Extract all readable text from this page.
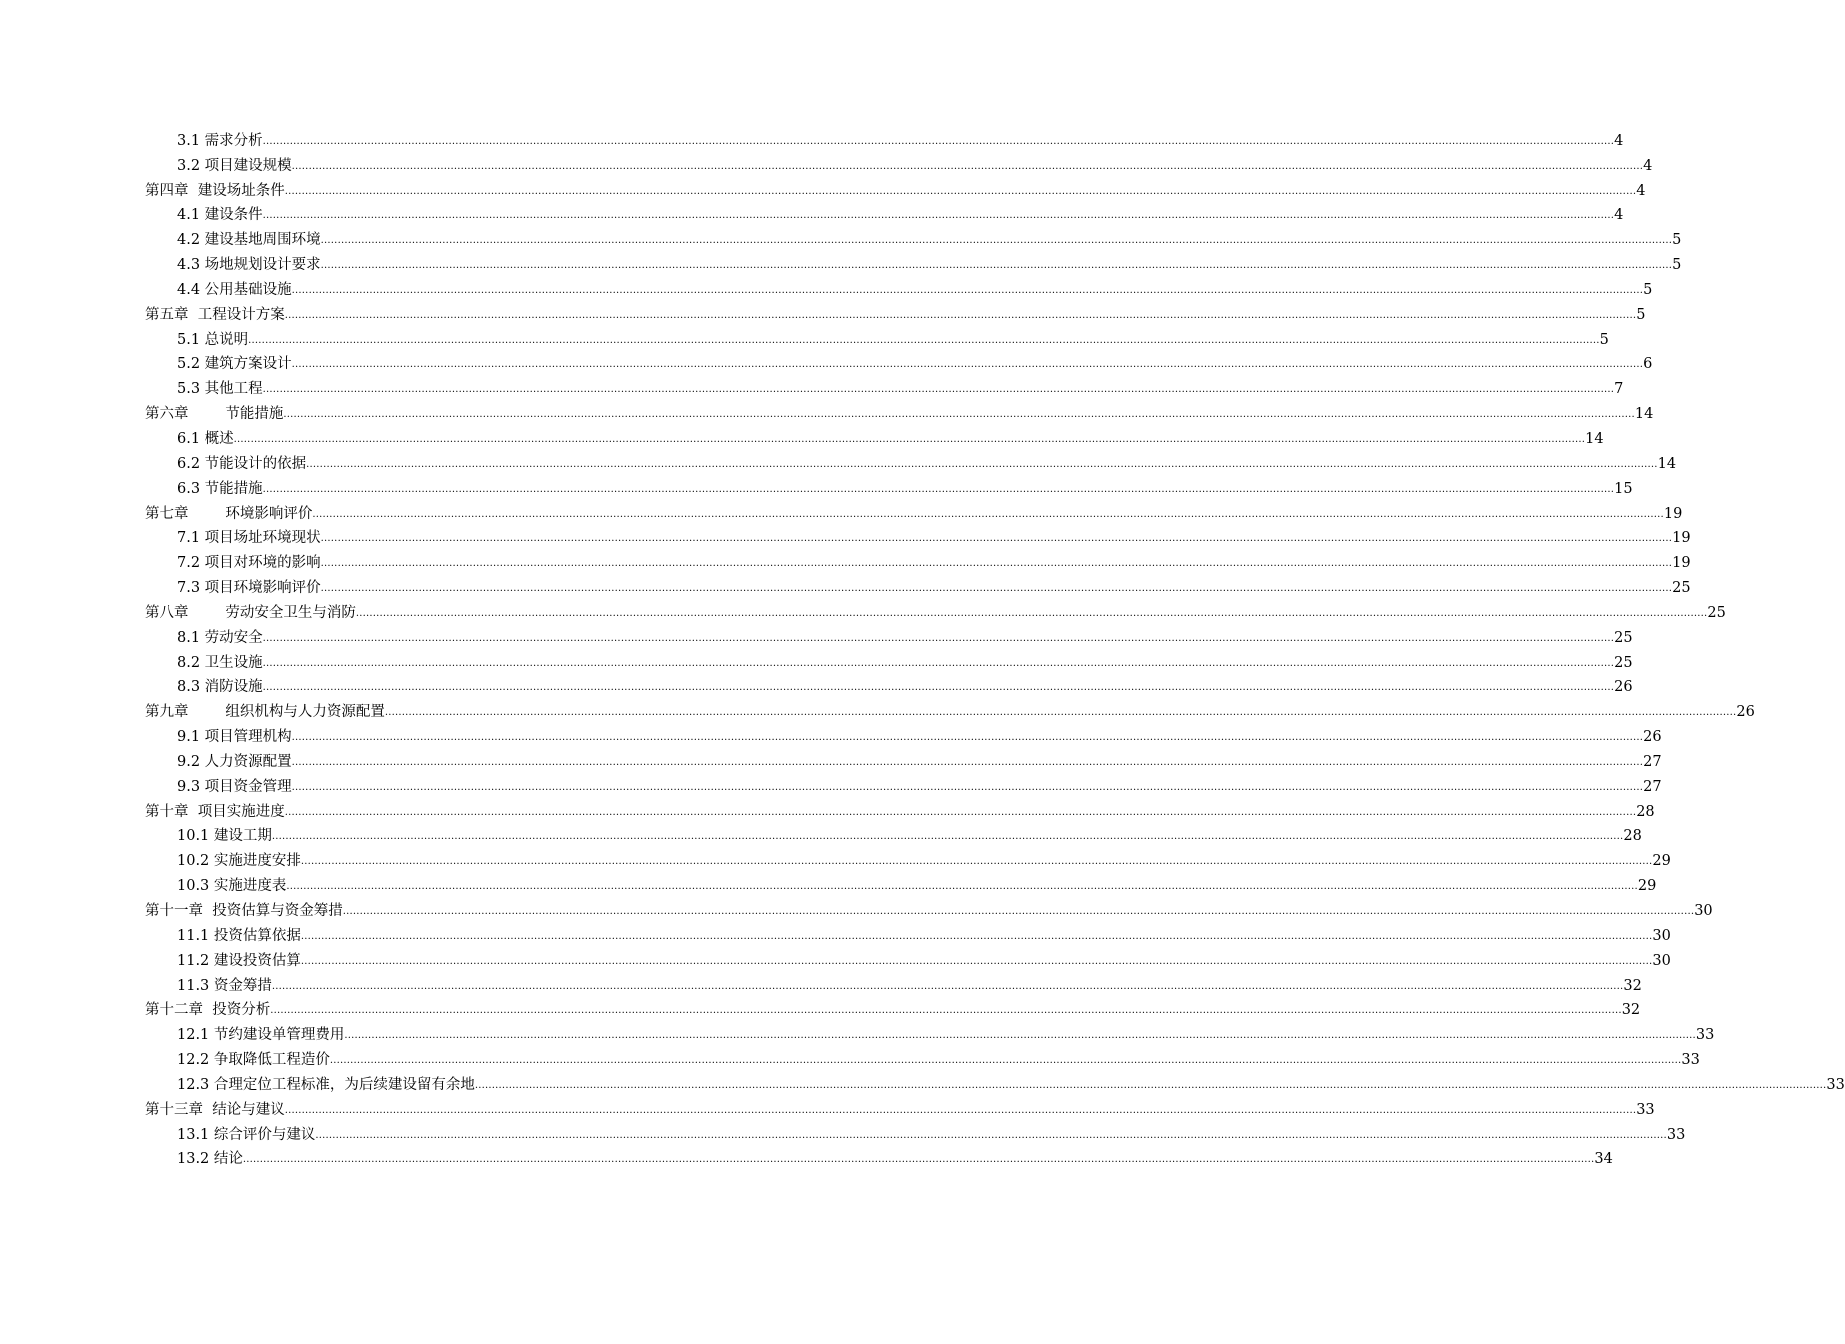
3.1 需求分析 ................................................................................................................................................................................................................................................................................................................................................................................................................ 4
3.2 项目建设规模 ................................................................................................................................................................................................................................................................................................................................................................................................................ 4
第四章  建设场址条件 ................................................................................................................................................................................................................................................................................................................................................................................................................ 4
4.1 建设条件 ................................................................................................................................................................................................................................................................................................................................................................................................................ 4
4.2 建设基地周围环境 ................................................................................................................................................................................................................................................................................................................................................................................................................ 5
4.3 场地规划设计要求 ................................................................................................................................................................................................................................................................................................................................................................................................................ 5
4.4 公用基础设施 ................................................................................................................................................................................................................................................................................................................................................................................................................ 5
第五章  工程设计方案 ................................................................................................................................................................................................................................................................................................................................................................................................................ 5
5.1 总说明 ................................................................................................................................................................................................................................................................................................................................................................................................................ 5
5.2 建筑方案设计 ................................................................................................................................................................................................................................................................................................................................................................................................................ 6
5.3 其他工程 ................................................................................................................................................................................................................................................................................................................................................................................................................ 7
第六章        节能措施 ................................................................................................................................................................................................................................................................................................................................................................................................................ 14
6.1 概述 ................................................................................................................................................................................................................................................................................................................................................................................................................ 14
6.2 节能设计的依据 ................................................................................................................................................................................................................................................................................................................................................................................................................ 14
6.3 节能措施 ................................................................................................................................................................................................................................................................................................................................................................................................................ 15
第七章        环境影响评价 ................................................................................................................................................................................................................................................................................................................................................................................................................ 19
7.1 项目场址环境现状 ................................................................................................................................................................................................................................................................................................................................................................................................................ 19
7.2 项目对环境的影响 ................................................................................................................................................................................................................................................................................................................................................................................................................ 19
7.3 项目环境影响评价 ................................................................................................................................................................................................................................................................................................................................................................................................................ 25
第八章        劳动安全卫生与消防 ................................................................................................................................................................................................................................................................................................................................................................................................................ 25
8.1 劳动安全 ................................................................................................................................................................................................................................................................................................................................................................................................................ 25
8.2 卫生设施 ................................................................................................................................................................................................................................................................................................................................................................................................................ 25
8.3 消防设施 ................................................................................................................................................................................................................................................................................................................................................................................................................ 26
第九章        组织机构与人力资源配置 ................................................................................................................................................................................................................................................................................................................................................................................................................ 26
9.1 项目管理机构 ................................................................................................................................................................................................................................................................................................................................................................................................................ 26
9.2 人力资源配置 ................................................................................................................................................................................................................................................................................................................................................................................................................ 27
9.3 项目资金管理 ................................................................................................................................................................................................................................................................................................................................................................................................................ 27
第十章  项目实施进度 ................................................................................................................................................................................................................................................................................................................................................................................................................ 28
10.1 建设工期 ................................................................................................................................................................................................................................................................................................................................................................................................................ 28
10.2 实施进度安排 ................................................................................................................................................................................................................................................................................................................................................................................................................ 29
10.3 实施进度表 ................................................................................................................................................................................................................................................................................................................................................................................................................ 29
第十一章  投资估算与资金筹措 ................................................................................................................................................................................................................................................................................................................................................................................................................ 30
11.1 投资估算依据 ................................................................................................................................................................................................................................................................................................................................................................................................................ 30
11.2 建设投资估算 ................................................................................................................................................................................................................................................................................................................................................................................................................ 30
11.3 资金筹措 ................................................................................................................................................................................................................................................................................................................................................................................................................ 32
第十二章  投资分析 ................................................................................................................................................................................................................................................................................................................................................................................................................ 32
12.1 节约建设单管理费用 ................................................................................................................................................................................................................................................................................................................................................................................................................ 33
12.2 争取降低工程造价 ................................................................................................................................................................................................................................................................................................................................................................................................................ 33
12.3 合理定位工程标准，为后续建设留有余地 ................................................................................................................................................................................................................................................................................................................................................................................................................ 33
第十三章  结论与建议 ................................................................................................................................................................................................................................................................................................................................................................................................................ 33
13.1 综合评价与建议 ................................................................................................................................................................................................................................................................................................................................................................................................................ 33
13.2 结论 ................................................................................................................................................................................................................................................................................................................................................................................................................ 34
